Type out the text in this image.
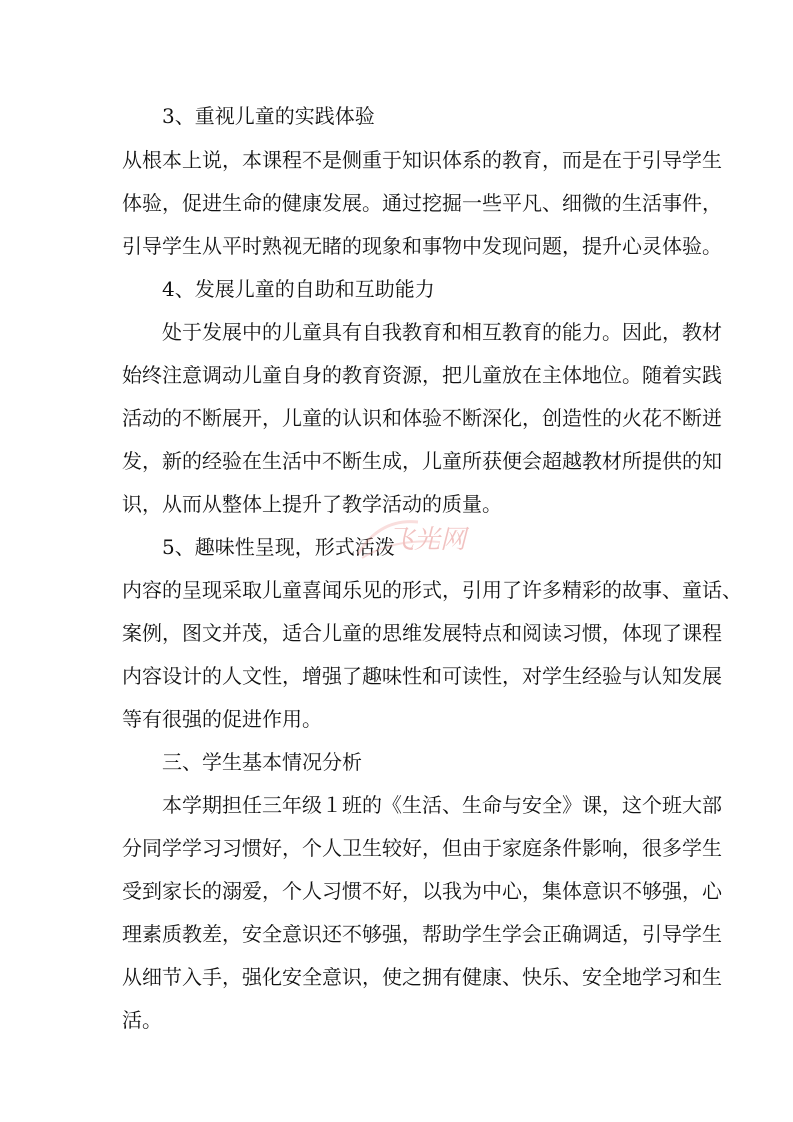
3、重视儿童的实践体验
从根本上说，本课程不是侧重于知识体系的教育，而是在于引导学生
体验，促进生命的健康发展。通过挖掘一些平凡、细微的生活事件，
引导学生从平时熟视无睹的现象和事物中发现问题，提升心灵体验。
4、发展儿童的自助和互助能力
处于发展中的儿童具有自我教育和相互教育的能力。因此，教材
始终注意调动儿童自身的教育资源，把儿童放在主体地位。随着实践
活动的不断展开，儿童的认识和体验不断深化，创造性的火花不断迸
发，新的经验在生活中不断生成，儿童所获便会超越教材所提供的知
识，从而从整体上提升了教学活动的质量。
5、趣味性呈现，形式活泼
内容的呈现采取儿童喜闻乐见的形式，引用了许多精彩的故事、童话、
案例，图文并茂，适合儿童的思维发展特点和阅读习惯，体现了课程
内容设计的人文性，增强了趣味性和可读性，对学生经验与认知发展
等有很强的促进作用。
三、学生基本情况分析
本学期担任三年级１班的《生活、生命与安全》课，这个班大部
分同学学习习惯好，个人卫生较好，但由于家庭条件影响，很多学生
受到家长的溺爱，个人习惯不好，以我为中心，集体意识不够强，心
理素质教差，安全意识还不够强，帮助学生学会正确调适，引导学生
从细节入手，强化安全意识，使之拥有健康、快乐、安全地学习和生
活。
飞光网
